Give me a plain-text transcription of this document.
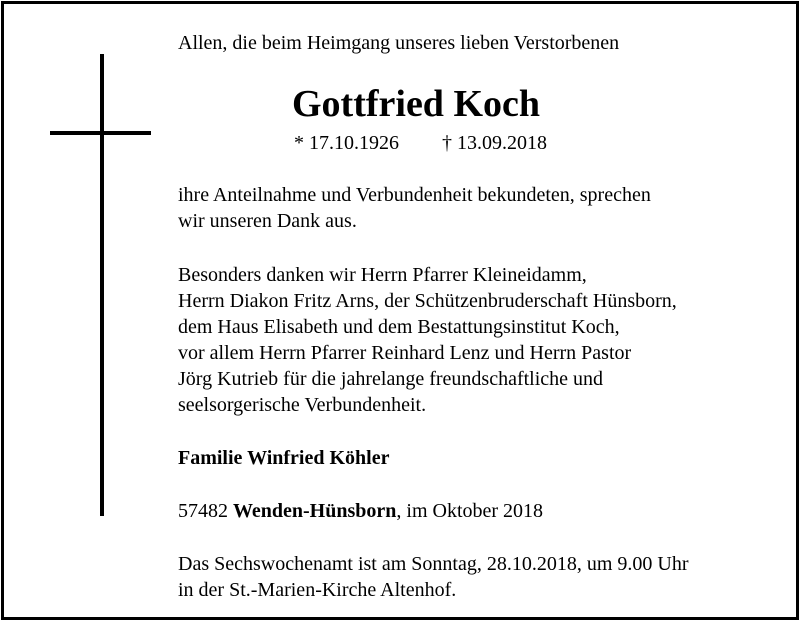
Allen, die beim Heimgang unseres lieben Verstorbenen
Gottfried Koch
* 17.10.1926 † 13.09.2018
ihre Anteilnahme und Verbundenheit bekundeten, sprechen
wir unseren Dank aus.
Besonders danken wir Herrn Pfarrer Kleineidamm,
Herrn Diakon Fritz Arns, der Schützenbruderschaft Hünsborn,
dem Haus Elisabeth und dem Bestattungsinstitut Koch,
vor allem Herrn Pfarrer Reinhard Lenz und Herrn Pastor
Jörg Kutrieb für die jahrelange freundschaftliche und
seelsorgerische Verbundenheit.
Familie Winfried Köhler
57482 Wenden-Hünsborn, im Oktober 2018
Das Sechswochenamt ist am Sonntag, 28.10.2018, um 9.00 Uhr
in der St.-Marien-Kirche Altenhof.
